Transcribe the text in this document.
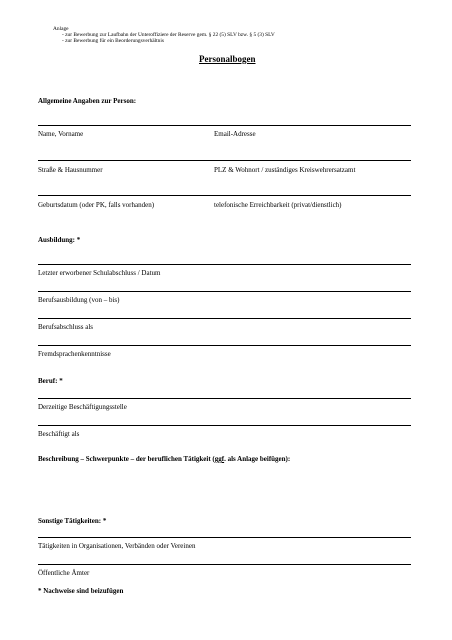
Anlage
- zur Bewerbung zur Laufbahn der Unteroffiziere der Reserve gem. § 22 (5) SLV bzw. § 5 (3) SLV
- zur Bewerbung für ein Beorderungsverhältnis
Personalbogen
Allgemeine Angaben zur Person:
Name, Vorname	Email-Adresse
Straße & Hausnummer	PLZ & Wohnort / zuständiges Kreiswehrersatzamt
Geburtsdatum (oder PK, falls vorhanden)	telefonische Erreichbarkeit (privat/dienstlich)
Ausbildung: *
Letzter erworbener Schulabschluss / Datum
Berufsausbildung (von – bis)
Berufsabschluss als
Fremdsprachenkenntnisse
Beruf: *
Derzeitige Beschäftigungsstelle
Beschäftigt als
Beschreibung – Schwerpunkte – der beruflichen Tätigkeit (ggf. als Anlage beifügen):
Sonstige Tätigkeiten: *
Tätigkeiten in Organisationen, Verbänden oder Vereinen
Öffentliche Ämter
* Nachweise sind beizufügen
